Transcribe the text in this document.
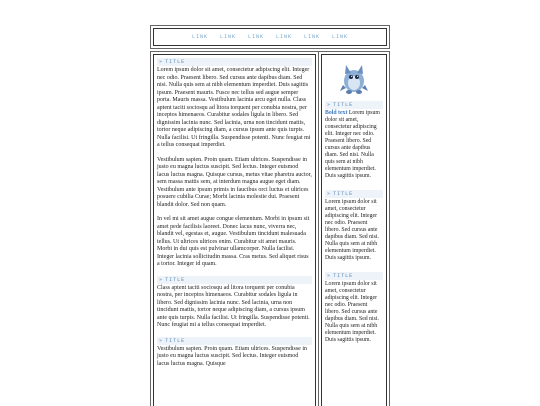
LINK LINK LINK LINK LINK LINK
» TITLE

Lorem ipsum dolor sit amet, consectetur adipiscing elit. Integer nec odio. Praesent libero. Sed cursus ante dapibus diam. Sed nisi. Nulla quis sem at nibh elementum imperdiet. Duis sagittis ipsum. Praesent mauris. Fusce nec tellus sed augue semper porta. Mauris massa. Vestibulum lacinia arcu eget nulla. Class aptent taciti sociosqu ad litora torquent per conubia nostra, per inceptos himenaeos. Curabitur sodales ligula in libero. Sed dignissim lacinia nunc. Sed lacinia, urna non tincidunt mattis, tortor neque adipiscing diam, a cursus ipsum ante quis turpis. Nulla facilisi. Ut fringilla. Suspendisse potenti. Nunc feugiat mi a tellus consequat imperdiet.

Vestibulum sapien. Proin quam. Etiam ultrices. Suspendisse in justo eu magna luctus suscipit. Sed lectus. Integer euismod lacus luctus magna. Quisque cursus, metus vitae pharetra auctor, sem massa mattis sem, at interdum magna augue eget diam. Vestibulum ante ipsum primis in faucibus orci luctus et ultrices posuere cubilia Curae; Morbi lacinia molestie dui. Praesent blandit dolor. Sed non quam.

In vel mi sit amet augue congue elementum. Morbi in ipsum sit amet pede facilisis laoreet. Donec lacus nunc, viverra nec, blandit vel, egestas et, augue. Vestibulum tincidunt malesuada tellus. Ut ultrices ultrices enim. Curabitur sit amet mauris. Morbi in dui quis est pulvinar ullamcorper. Nulla facilisi. Integer lacinia sollicitudin massa. Cras metus. Sed aliquet risus a tortor. Integer id quam.

» TITLE

Class aptent taciti sociosqu ad litora torquent per conubia nostra, per inceptos himenaeos. Curabitur sodales ligula in libero. Sed dignissim lacinia nunc. Sed lacinia, urna non tincidunt mattis, tortor neque adipiscing diam, a cursus ipsum ante quis turpis. Nulla facilisi. Ut fringilla. Suspendisse potenti. Nunc feugiat mi a tellus consequat imperdiet.

» TITLE

Vestibulum sapien. Proin quam. Etiam ultrices. Suspendisse in justo eu magna luctus suscipit. Sed lectus. Integer euismod lacus luctus magna. Quisque

» TITLE

Bold text Lorem ipsum dolor sit amet, consectetur adipiscing elit. Integer nec odio. Praesent libero. Sed cursus ante dapibus diam. Sed nisi. Nulla quis sem at nibh elementum imperdiet. Duis sagittis ipsum.

» TITLE

Lorem ipsum dolor sit amet, consectetur adipiscing elit. Integer nec odio. Praesent libero. Sed cursus ante dapibus diam. Sed nisi. Nulla quis sem at nibh elementum imperdiet. Duis sagittis ipsum.

» TITLE

Lorem ipsum dolor sit amet, consectetur adipiscing elit. Integer nec odio. Praesent libero. Sed cursus ante dapibus diam. Sed nisi. Nulla quis sem at nibh elementum imperdiet. Duis sagittis ipsum.
